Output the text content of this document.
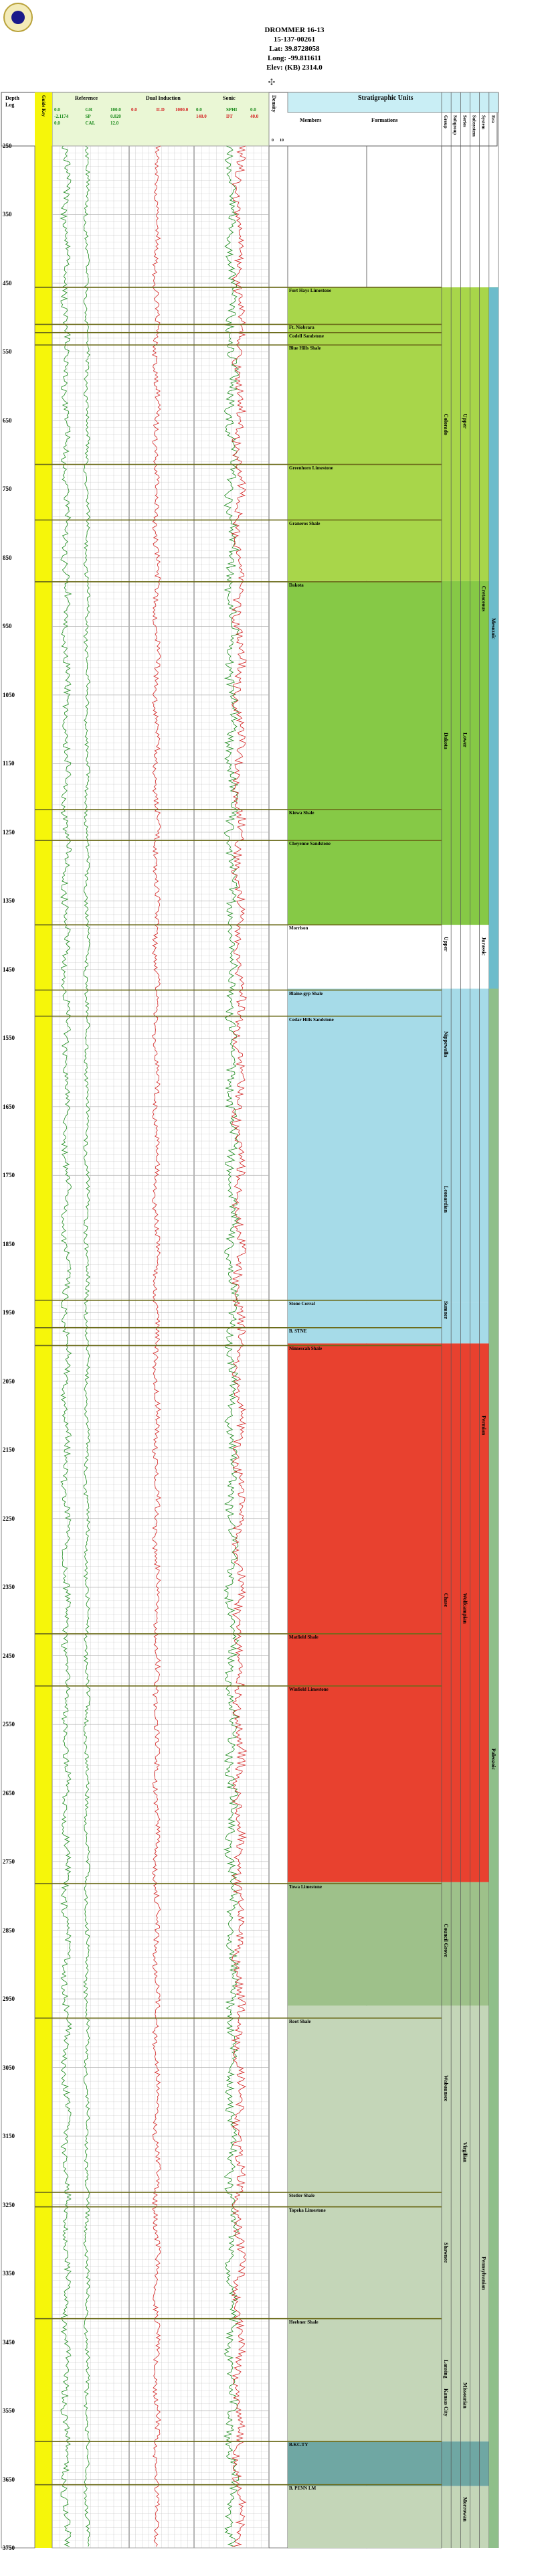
DROMMER 16-13
15-137-00261
Lat: 39.8728058
Long: -99.811611
Elev: (KB) 2314.0
✣
Depth
Log	Guide Key	Reference
0.0	GR	100.0
-2.1174	SP	0.020
0.0	CAL	12.0
Dual Induction
0.0	ILD 1000.0
Sonic
0.0	SPHI	0.0
140.0	DT	40.0
Density
0 10
Stratigraphic Units
Members	Formations	Group Subgroup Series Subsystem System Era
250
350
450
550
650
750
850
950
1050
1150
1250
1350
1450
1550
1650
1750
1850
1950
2050
2150
2250
2350
2450
2550
2650
2750
2850
2950
3050
3150
3250
3350
3450
3550
3650
3750
Fort Hays Limestone
Ft. Niobrara
Codell Sandstone
Blue Hills Shale
Greenhorn Limestone
Graneros Shale
Dakota
Kiowa Shale
Cheyenne Sandstone
Morrison
Blaine-gyp Shale
Cedar Hills Sandstone
Stone Corral
B. STNE
Ninnescah Shale
Matfield Shale
Winfield Limestone
Towa Limestone
Root Shale
Stotler Shale
Topeka Limestone
Heebner Shale
B.KC.TY
B. PENN LM
Colorado
Dakota
Upper
Nippewalla
Leonardian
Sumner
Chase
Council Grove
Wabaunsee
Shawnee
Lansing
Kansas City
Upper
Lower
Wolfcampian
Virgilian
Missourian
Morrowan
Cretaceous
Jurassic
Permian
Pennsylvanian
Mesozoic
Paleozoic
